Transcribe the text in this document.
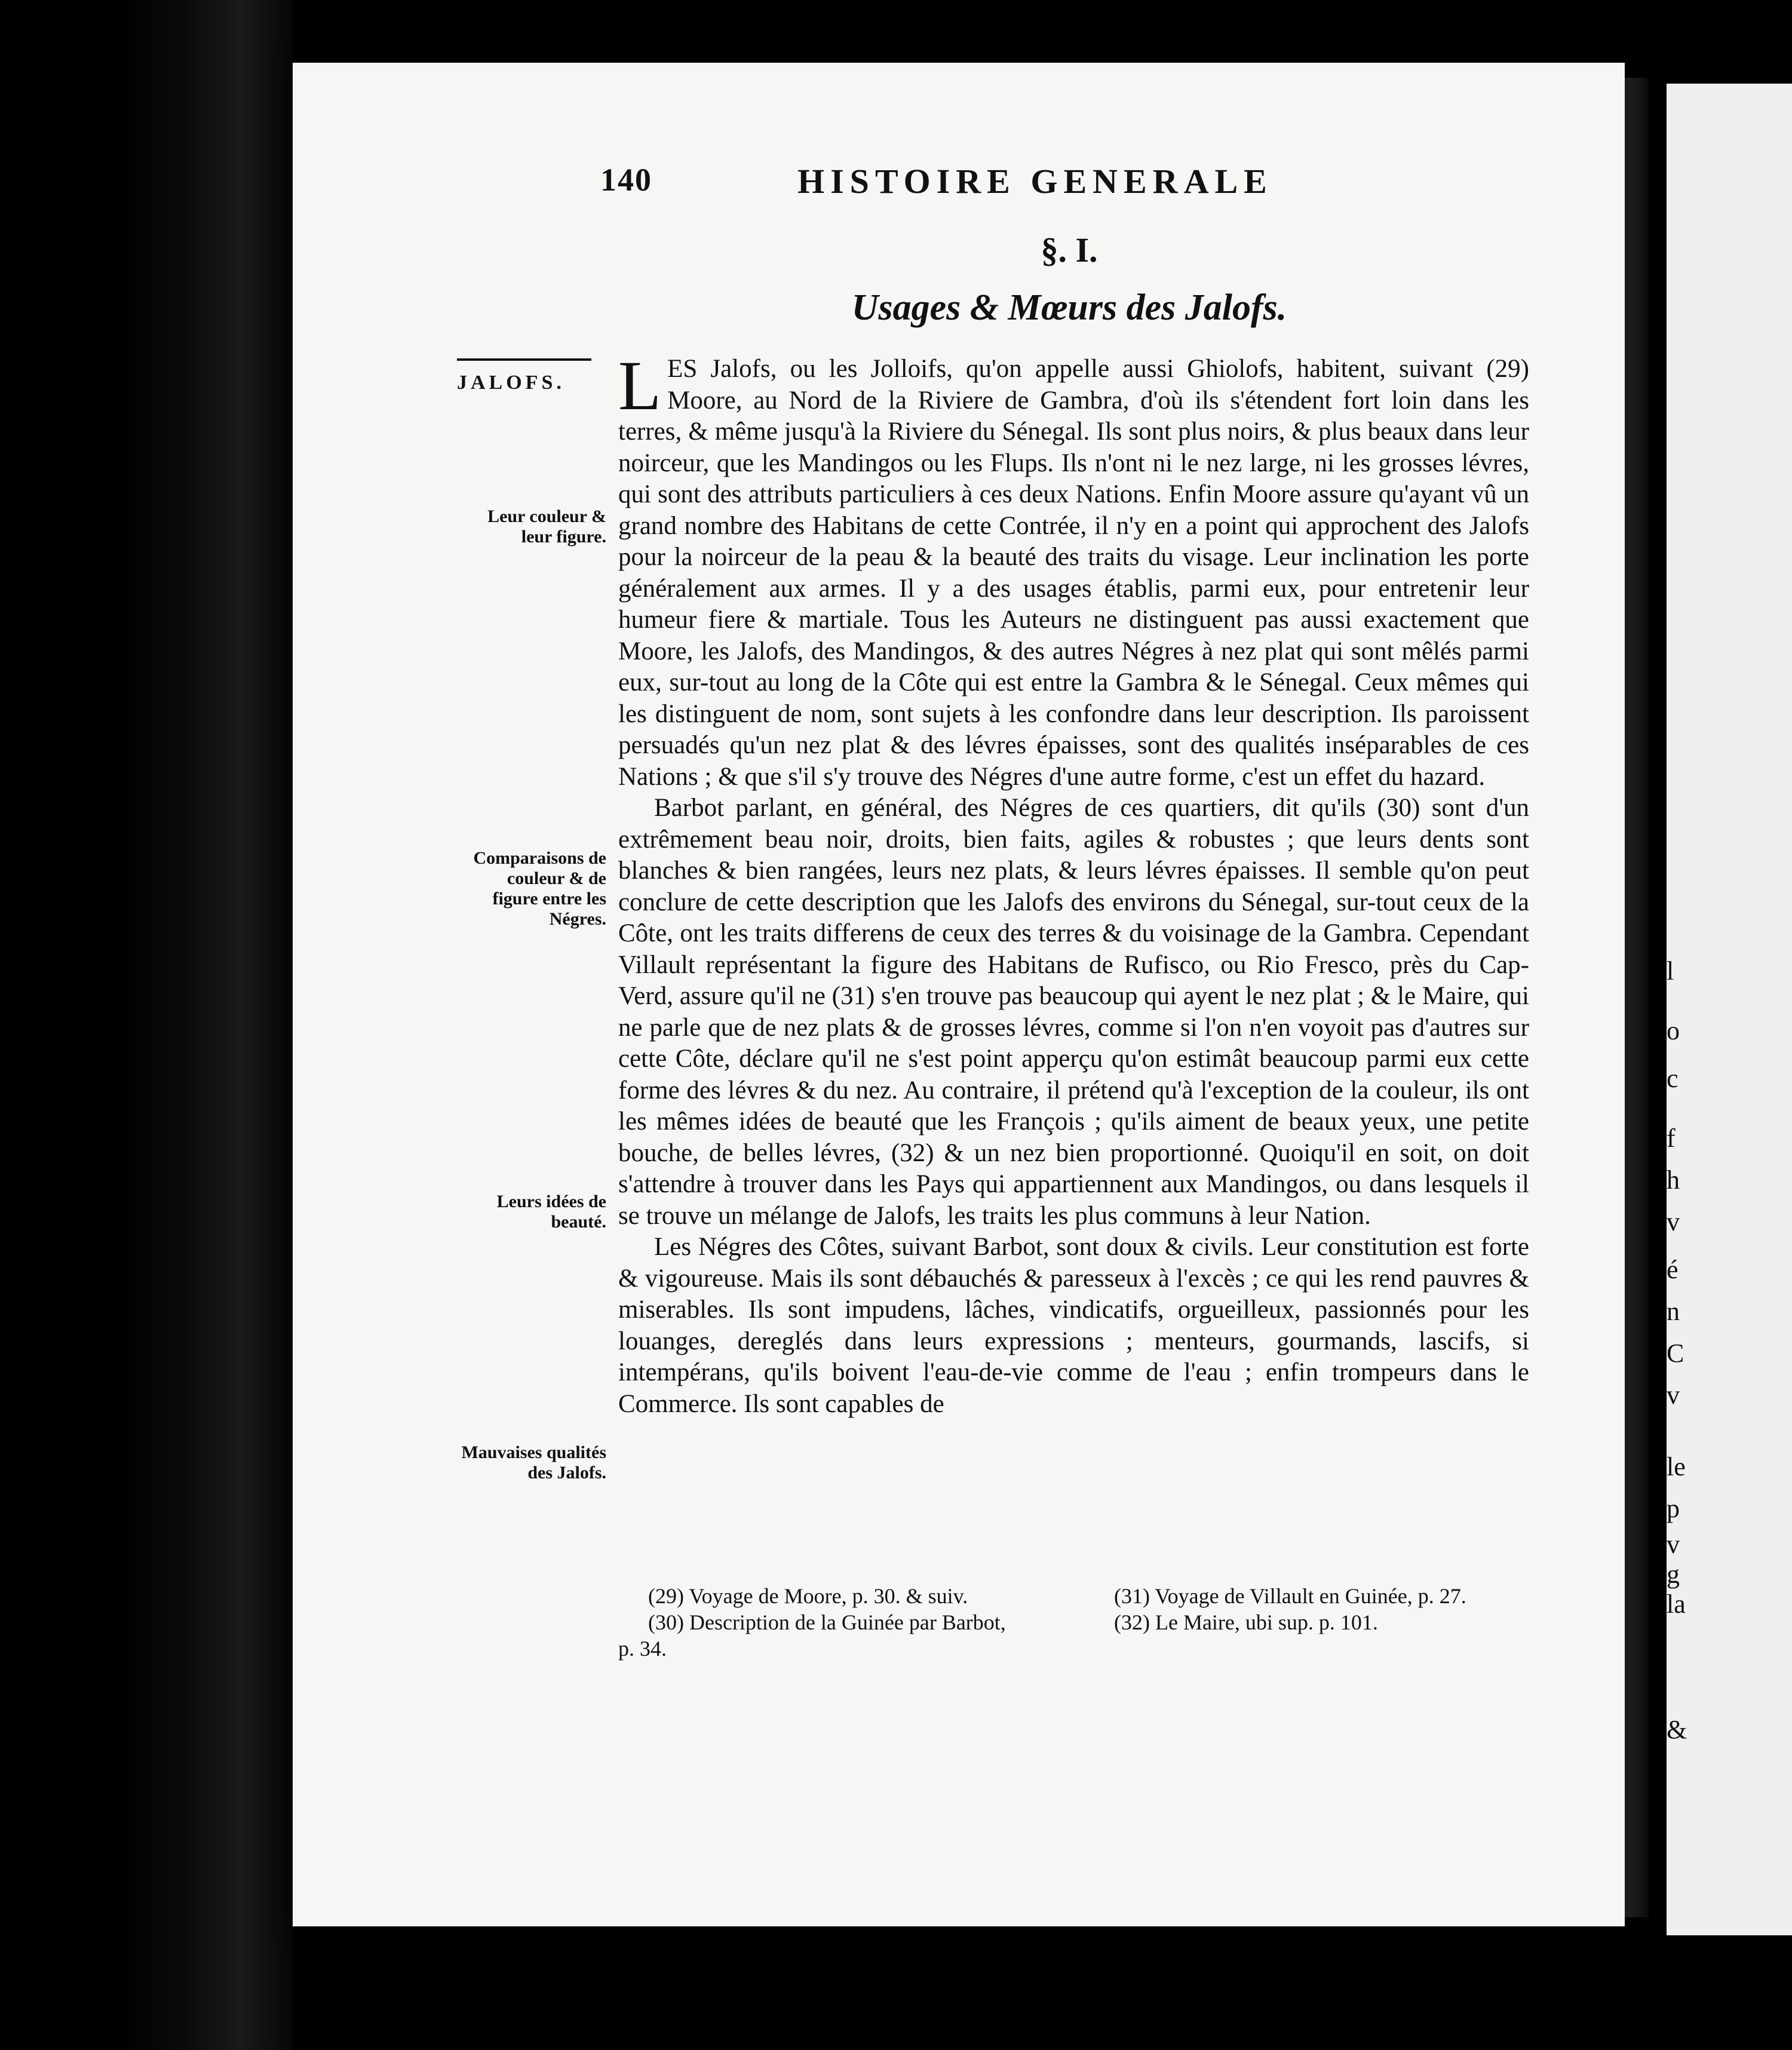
l
o
c
f
h
v
é
n
C
v
le
p
v
g
la
&
140	HISTOIRE GENERALE
§. I.
Usages & Mœurs des Jalofs.
JALOFS.
Leur couleur & leur figure.
Comparaisons de couleur & de figure entre les Négres.
Leurs idées de beauté.
Mauvaises qualités des Jalofs.

LES Jalofs, ou les Jolloifs, qu'on appelle aussi Ghiolofs, habitent, suivant (29) Moore, au Nord de la Riviere de Gambra, d'où ils s'étendent fort loin dans les terres, & même jusqu'à la Riviere du Sénegal. Ils sont plus noirs, & plus beaux dans leur noirceur, que les Mandingos ou les Flups. Ils n'ont ni le nez large, ni les grosses lévres, qui sont des attributs particuliers à ces deux Nations. Enfin Moore assure qu'ayant vû un grand nombre des Habitans de cette Contrée, il n'y en a point qui approchent des Jalofs pour la noirceur de la peau & la beauté des traits du visage. Leur inclination les porte généralement aux armes. Il y a des usages établis, parmi eux, pour entretenir leur humeur fiere & martiale. Tous les Auteurs ne distinguent pas aussi exactement que Moore, les Jalofs, des Mandingos, & des autres Négres à nez plat qui sont mêlés parmi eux, sur-tout au long de la Côte qui est entre la Gambra & le Sénegal. Ceux mêmes qui les distinguent de nom, sont sujets à les confondre dans leur description. Ils paroissent persuadés qu'un nez plat & des lévres épaisses, sont des qualités inséparables de ces Nations ; & que s'il s'y trouve des Négres d'une autre forme, c'est un effet du hazard.

Barbot parlant, en général, des Négres de ces quartiers, dit qu'ils (30) sont d'un extrêmement beau noir, droits, bien faits, agiles & robustes ; que leurs dents sont blanches & bien rangées, leurs nez plats, & leurs lévres épaisses. Il semble qu'on peut conclure de cette description que les Jalofs des environs du Sénegal, sur-tout ceux de la Côte, ont les traits differens de ceux des terres & du voisinage de la Gambra. Cependant Villault représentant la figure des Habitans de Rufisco, ou Rio Fresco, près du Cap-Verd, assure qu'il ne (31) s'en trouve pas beaucoup qui ayent le nez plat ; & le Maire, qui ne parle que de nez plats & de grosses lévres, comme si l'on n'en voyoit pas d'autres sur cette Côte, déclare qu'il ne s'est point apperçu qu'on estimât beaucoup parmi eux cette forme des lévres & du nez. Au contraire, il prétend qu'à l'exception de la couleur, ils ont les mêmes idées de beauté que les François ; qu'ils aiment de beaux yeux, une petite bouche, de belles lévres, (32) & un nez bien proportionné. Quoiqu'il en soit, on doit s'attendre à trouver dans les Pays qui appartiennent aux Mandingos, ou dans lesquels il se trouve un mélange de Jalofs, les traits les plus communs à leur Nation.

Les Négres des Côtes, suivant Barbot, sont doux & civils. Leur constitution est forte & vigoureuse. Mais ils sont débauchés & paresseux à l'excès ; ce qui les rend pauvres & miserables. Ils sont impudens, lâches, vindicatifs, orgueilleux, passionnés pour les louanges, dereglés dans leurs expressions ; menteurs, gourmands, lascifs, si intempérans, qu'ils boivent l'eau-de-vie comme de l'eau ; enfin trompeurs dans le Commerce. Ils sont capables de

(29) Voyage de Moore, p. 30. & suiv.
(30) Description de la Guinée par Barbot,
(31) Voyage de Villault en Guinée, p. 27.
(32) Le Maire, ubi sup. p. 101.
p. 34.
